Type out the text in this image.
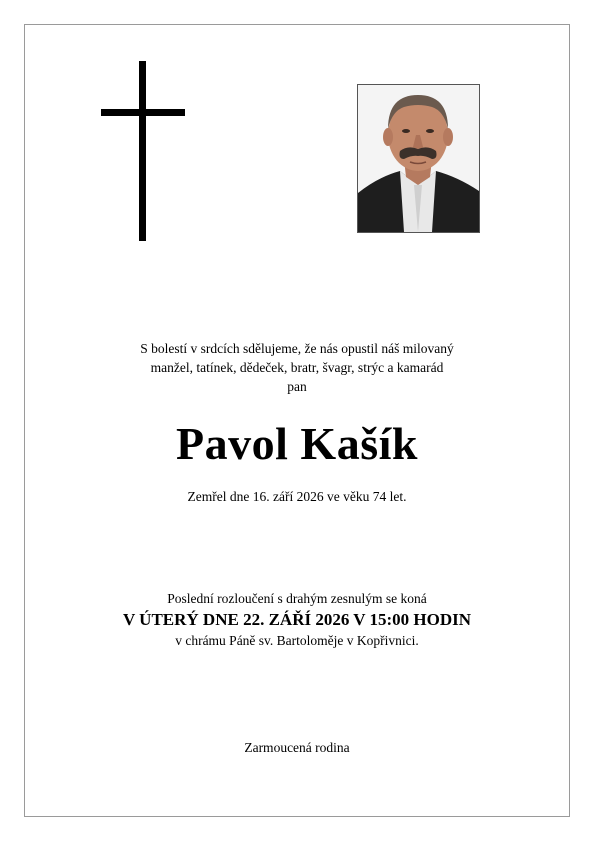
S bolestí v srdcích sdělujeme, že nás opustil náš milovaný
manžel, tatínek, dědeček, bratr, švagr, strýc a kamarád
pan
Pavol Kašík
Zemřel dne 16. září 2026 ve věku 74 let.
Poslední rozloučení s drahým zesnulým se koná
V ÚTERÝ DNE 22. ZÁŘÍ 2026 V 15:00 HODIN
v chrámu Páně sv. Bartoloměje v Kopřivnici.
Zarmoucená rodina
